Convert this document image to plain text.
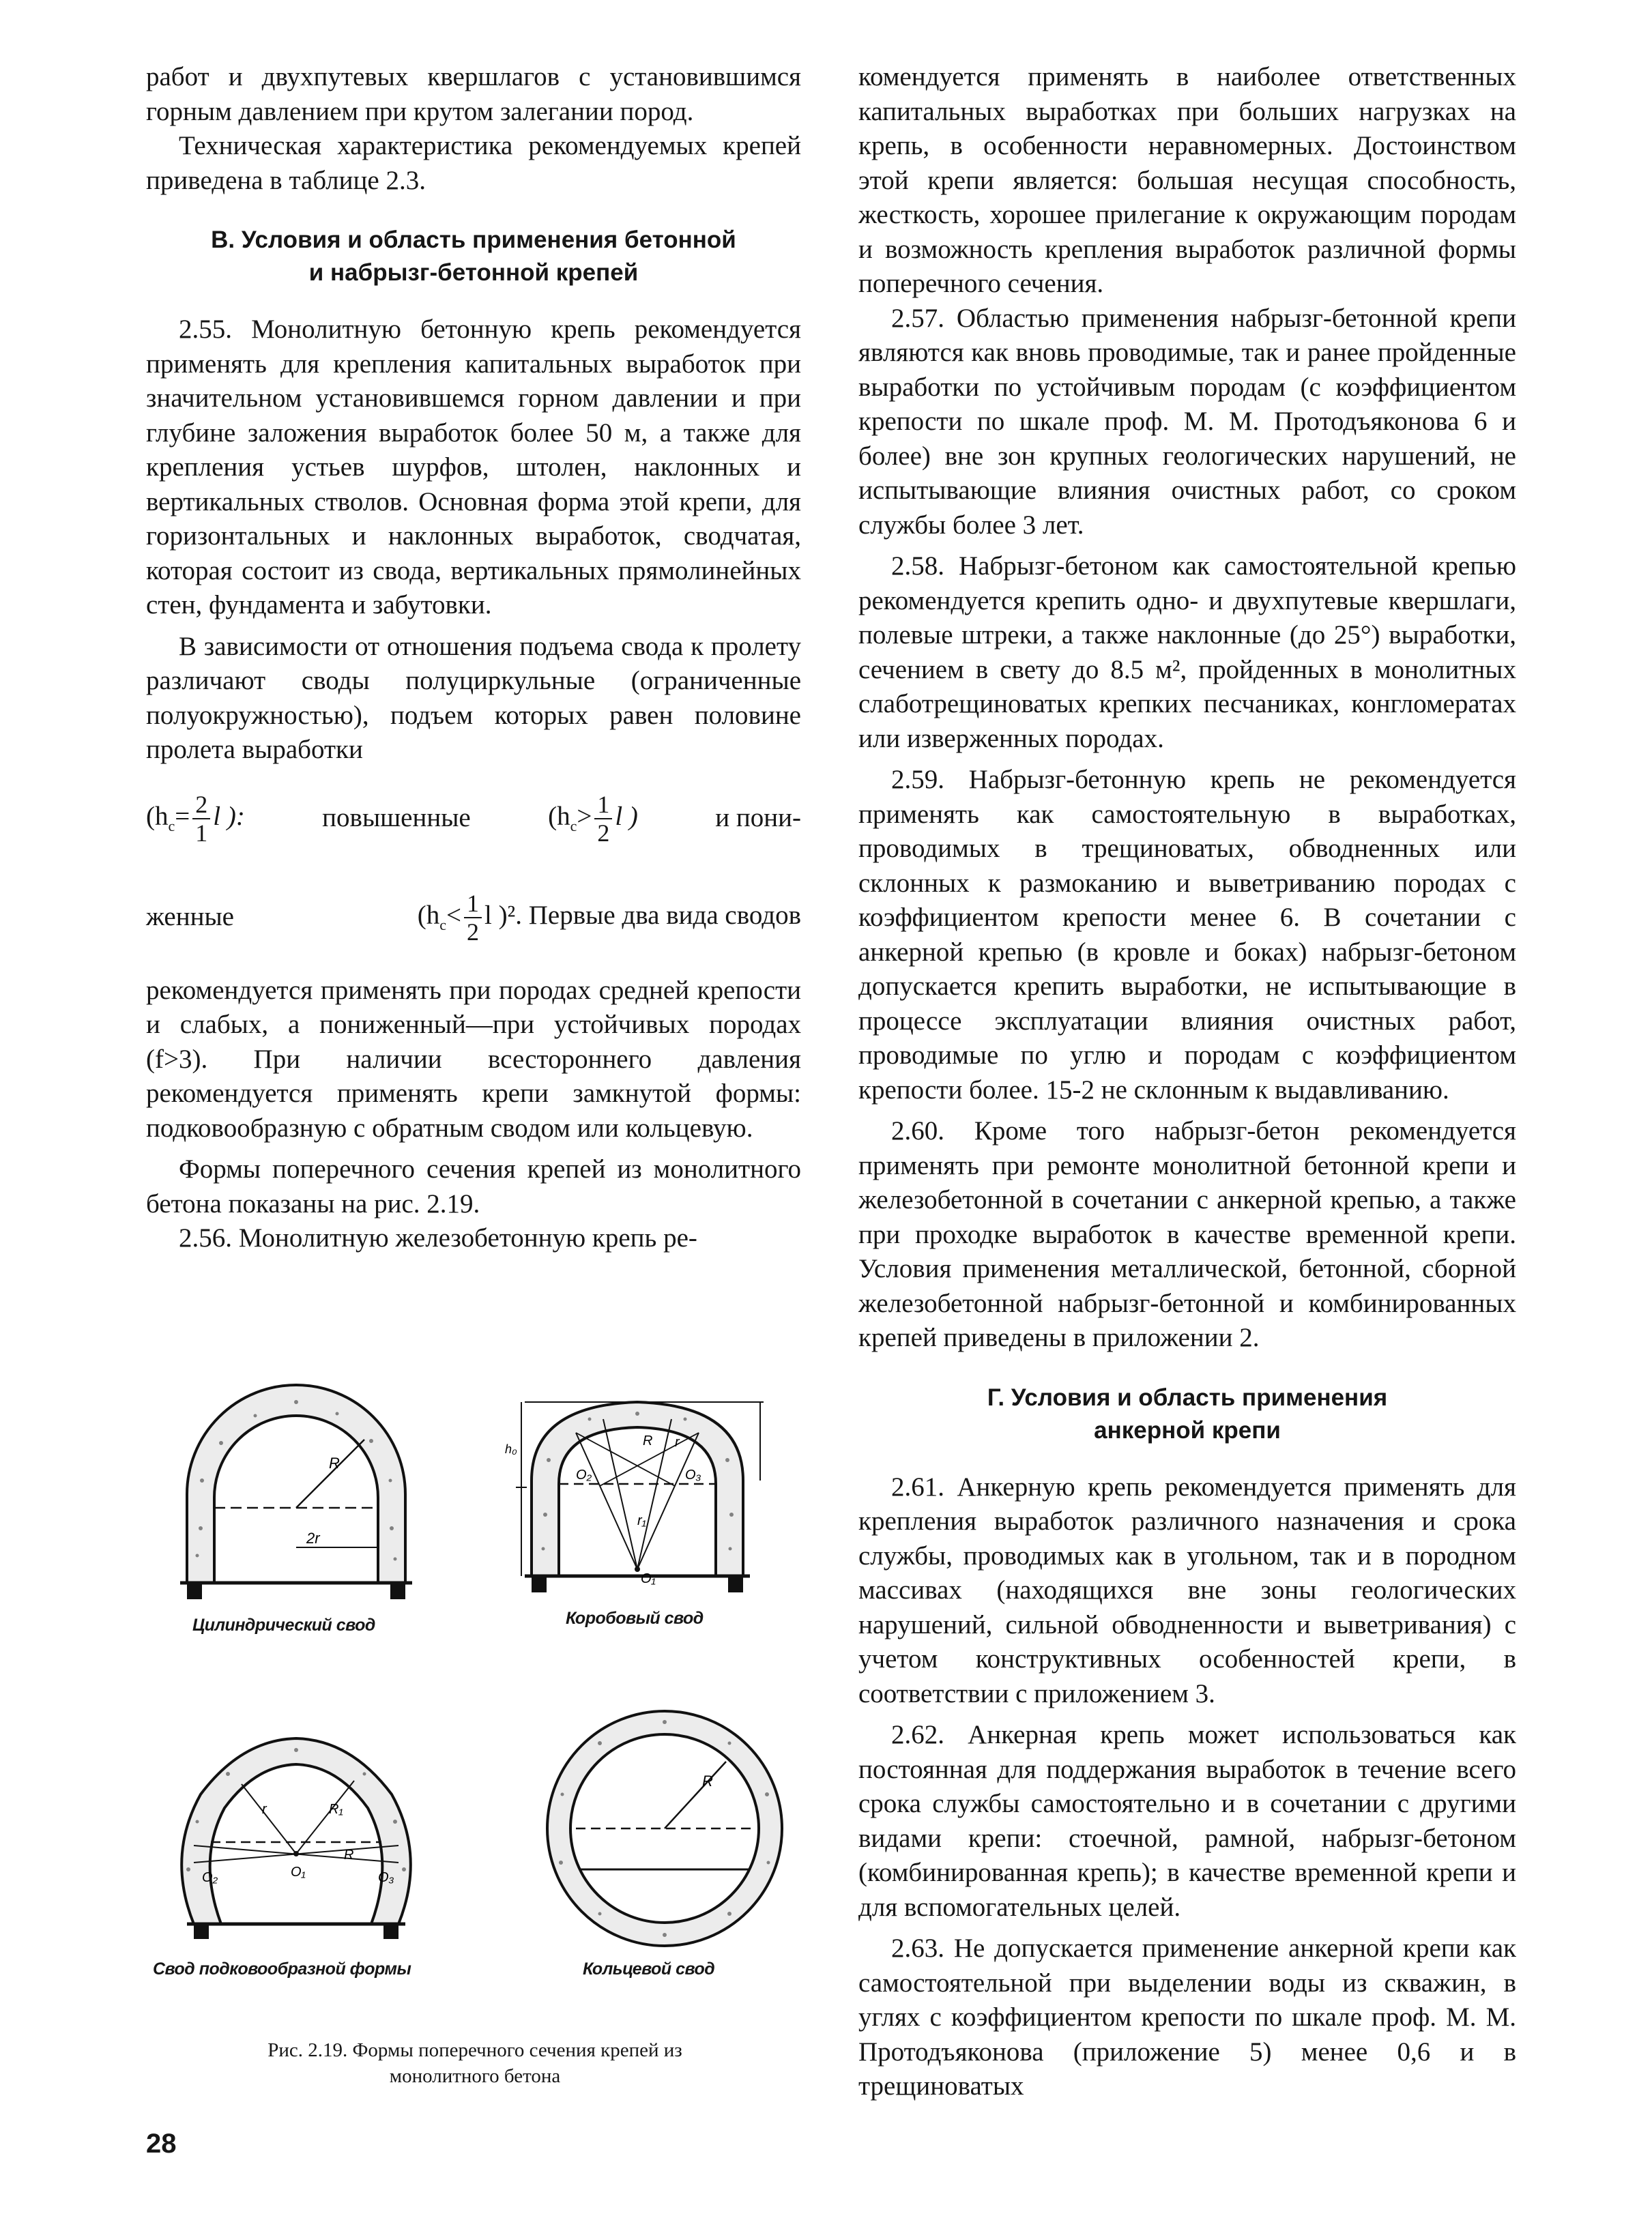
работ и двухпутевых квершлагов с установившимся горным давлением при крутом залегании пород.

Техническая характеристика рекомендуемых крепей приведена в таблице 2.3.

В. Условия и область применения бетонной
и набрызг-бетонной крепей

2.55. Монолитную бетонную крепь рекомендуется применять для крепления капитальных выработок при значительном установившемся горном давлении и при глубине заложения выработок более 50 м, а также для крепления устьев шурфов, штолен, наклонных и вертикальных стволов. Основная форма этой крепи, для горизонтальных и наклонных выработок, сводчатая, которая состоит из свода, вертикальных прямолинейных стен, фундамента и забутовки.

В зависимости от отношения подъема свода к пролету различают своды полуциркульные (ограниченные полуокружностью), подъем которых равен половине пролета выработки

($h_c= \frac{2}{1}$ l ):	повышенные	($h_c> \frac{1}{2}$ l )	и пони-
женные	($h_c< \frac{1}{2}$ l )². Первые два вида сводов

рекомендуется применять при породах средней крепости и слабых, а пониженный—при устойчивых породах (f>3). При наличии всестороннего давления рекомендуется применять крепи замкнутой формы: подковообразную с обратным сводом или кольцевую.

Формы поперечного сечения крепей из монолитного бетона показаны на рис. 2.19.

2.56. Монолитную железобетонную крепь ре-

комендуется применять в наиболее ответственных капитальных выработках при больших нагрузках на крепь, в особенности неравномерных. Достоинством этой крепи является: большая несущая способность, жесткость, хорошее прилегание к окружающим породам и возможность крепления выработок различной формы поперечного сечения.

2.57. Областью применения набрызг-бетонной крепи являются как вновь проводимые, так и ранее пройденные выработки по устойчивым породам (с коэффициентом крепости по шкале проф. М. М. Протодъяконова 6 и более) вне зон крупных геологических нарушений, не испытывающие влияния очистных работ, со сроком службы более 3 лет.

2.58. Набрызг-бетоном как самостоятельной крепью рекомендуется крепить одно- и двухпутевые квершлаги, полевые штреки, а также наклонные (до 25°) выработки, сечением в свету до 8.5 м², пройденных в монолитных слаботрещиноватых крепких песчаниках, конгломератах или изверженных породах.

2.59. Набрызг-бетонную крепь не рекомендуется применять как самостоятельную в выработках, проводимых в трещиноватых, обводненных или склонных к размоканию и выветриванию породах с коэффициентом крепости менее 6. В сочетании с анкерной крепью (в кровле и боках) набрызг-бетоном допускается крепить выработки, не испытывающие в процессе эксплуатации влияния очистных работ, проводимые по углю и породам с коэффициентом крепости более. 15-2 не склонным к выдавливанию.

2.60. Кроме того набрызг-бетон рекомендуется применять при ремонте монолитной бетонной крепи и железобетонной в сочетании с анкерной крепью, а также при проходке выработок в качестве временной крепи. Условия применения металлической, бетонной, сборной железобетонной набрызг-бетонной и комбинированных крепей приведены в приложении 2.

Г. Условия и область применения
анкерной крепи

2.61. Анкерную крепь рекомендуется применять для крепления выработок различного назначения и срока службы, проводимых как в угольном, так и в породном массивах (находящихся вне зоны геологических нарушений, сильной обводненности и выветривания) с учетом конструктивных особенностей крепи, в соответствии с приложением 3.

2.62. Анкерная крепь может использоваться как постоянная для поддержания выработок в течение всего срока службы самостоятельно и в сочетании с другими видами крепи: стоечной, рамной, набрызг-бетоном (комбинированная крепь); в качестве временной крепи и для вспомогательных целей.

2.63. Не допускается применение анкерной крепи как самостоятельной при выделении воды из скважин, в углях с коэффициентом крепости по шкале проф. М. М. Протодъяконова (приложение 5) менее 0,6 и в трещиноватых

R
2r
Цилиндрический свод
O₁
O₂	O₃
R r
r₁
h₀
Коробовый свод
r	R₁
O₁
O₂	O₃
R
Свод подковообразной формы
R
Кольцевой свод
Рис. 2.19. Формы поперечного сечения крепей из
монолитного бетона
28
